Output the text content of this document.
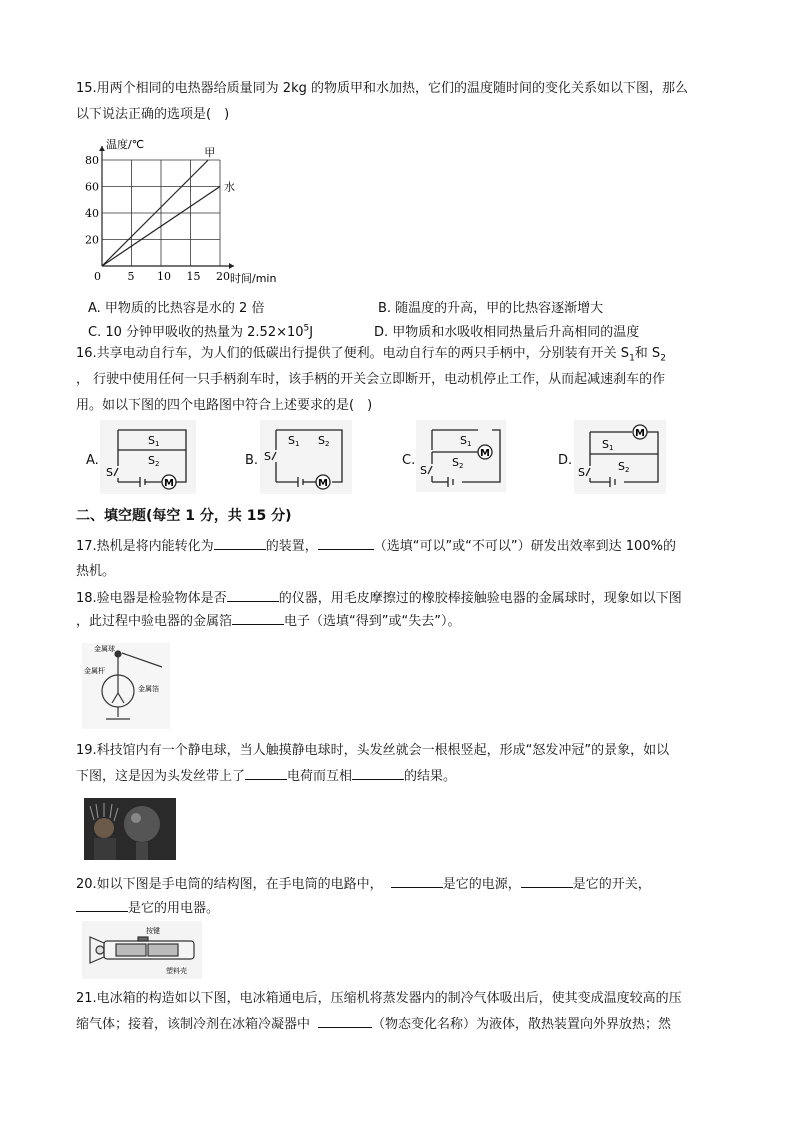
15.用两个相同的电热器给质量同为 2kg 的物质甲和水加热，它们的温度随时间的变化关系如以下图，那么
以下说法正确的选项是(　)
甲
水
0 5 10 15 20
20
40
60
80
温度/℃
时间/min
A. 甲物质的比热容是水的 2 倍	B. 随温度的升高，甲的比热容逐渐增大
C. 10 分钟甲吸收的热量为 $2.52\times 10^5J$	D. 甲物质和水吸收相同热量后升高相同的温度
16.共享电动自行车，为人们的低碳出行提供了便利。电动自行车的两只手柄中，分别装有开关 $S_1$和 $S_2$
， 行驶中使用任何一只手柄刹车时，该手柄的开关会立即断开，电动机停止工作，从而起减速刹车的作
用。如以下图的四个电路图中符合上述要求的是(　)
A.
M
S 1
S 2
S
B.
M
S 1 S 2
S	C.	M
S 1
S 2
S
D.
M
S 1
S 2
S
二、填空题(每空 1 分，共 15 分)
17.热机是将内能转化为	的装置，	（选填“可以”或“不可以”）研发出效率到达 100%的
热机。
18.验电器是检验物体是否	的仪器，用毛皮摩擦过的橡胶棒接触验电器的金属球时，现象如以下图
，此过程中验电器的金属箔	电子（选填“得到”或“失去”）。
金属球
金属杆
金属箔
19.科技馆内有一个静电球，当人触摸静电球时，头发丝就会一根根竖起，形成“怒发冲冠”的景象，如以
下图，这是因为头发丝带上了	电荷而互相	的结果。
20.如以下图是手电筒的结构图，在手电筒的电路中，	是它的电源，	是它的开关，
是它的用电器。
按键
塑料壳
21.电冰箱的构造如以下图，电冰箱通电后，压缩机将蒸发器内的制冷气体吸出后，使其变成温度较高的压
缩气体；接着，该制冷剂在冰箱冷凝器中	（物态变化名称）为液体，散热装置向外界放热；然
